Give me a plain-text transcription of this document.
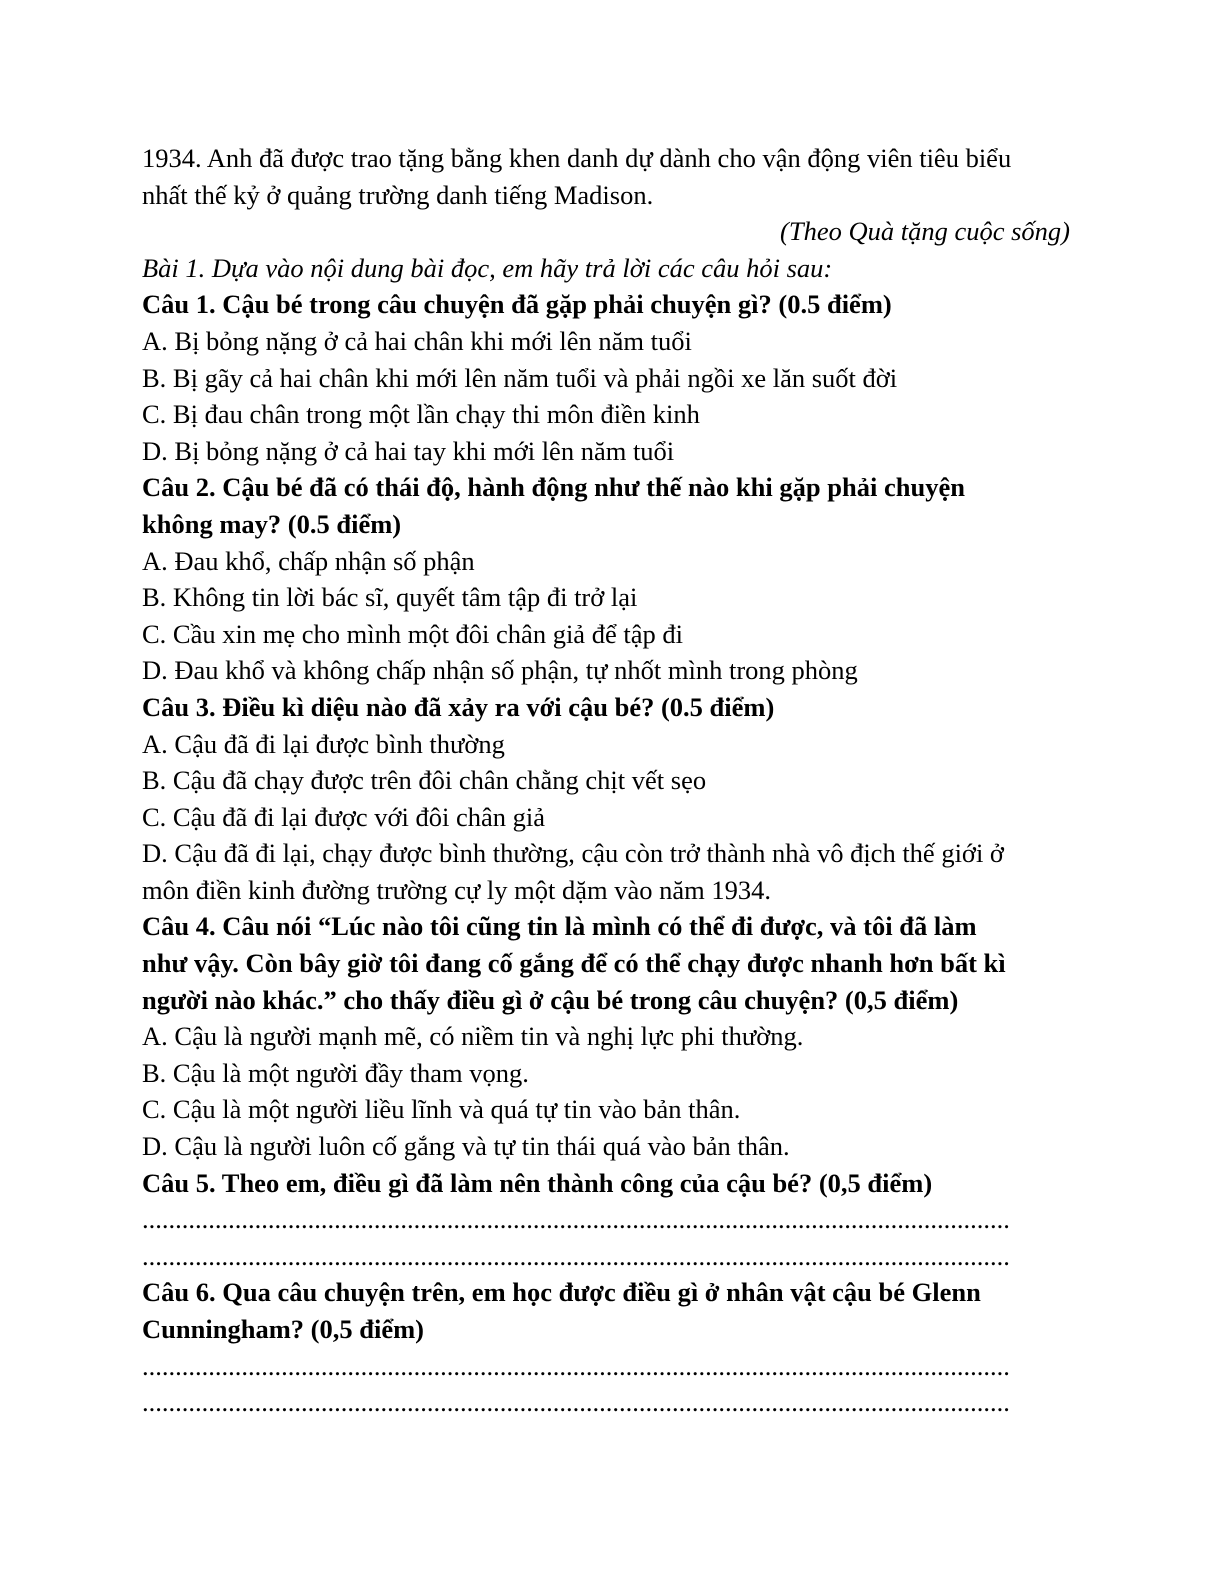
1934. Anh đã được trao tặng bằng khen danh dự dành cho vận động viên tiêu biểu
nhất thế kỷ ở quảng trường danh tiếng Madison.
(Theo Quà tặng cuộc sống)
Bài 1. Dựa vào nội dung bài đọc, em hãy trả lời các câu hỏi sau:
Câu 1. Cậu bé trong câu chuyện đã gặp phải chuyện gì? (0.5 điểm)
A. Bị bỏng nặng ở cả hai chân khi mới lên năm tuổi
B. Bị gãy cả hai chân khi mới lên năm tuổi và phải ngồi xe lăn suốt đời
C. Bị đau chân trong một lần chạy thi môn điền kinh
D. Bị bỏng nặng ở cả hai tay khi mới lên năm tuổi
Câu 2. Cậu bé đã có thái độ, hành động như thế nào khi gặp phải chuyện
không may? (0.5 điểm)
A. Đau khổ, chấp nhận số phận
B. Không tin lời bác sĩ, quyết tâm tập đi trở lại
C. Cầu xin mẹ cho mình một đôi chân giả để tập đi
D. Đau khổ và không chấp nhận số phận, tự nhốt mình trong phòng
Câu 3. Điều kì diệu nào đã xảy ra với cậu bé? (0.5 điểm)
A. Cậu đã đi lại được bình thường
B. Cậu đã chạy được trên đôi chân chằng chịt vết sẹo
C. Cậu đã đi lại được với đôi chân giả
D. Cậu đã đi lại, chạy được bình thường, cậu còn trở thành nhà vô địch thế giới ở
môn điền kinh đường trường cự ly một dặm vào năm 1934.
Câu 4. Câu nói “Lúc nào tôi cũng tin là mình có thể đi được, và tôi đã làm
như vậy. Còn bây giờ tôi đang cố gắng để có thể chạy được nhanh hơn bất kì
người nào khác.” cho thấy điều gì ở cậu bé trong câu chuyện? (0,5 điểm)
A. Cậu là người mạnh mẽ, có niềm tin và nghị lực phi thường.
B. Cậu là một người đầy tham vọng.
C. Cậu là một người liều lĩnh và quá tự tin vào bản thân.
D. Cậu là người luôn cố gắng và tự tin thái quá vào bản thân.
Câu 5. Theo em, điều gì đã làm nên thành công của cậu bé? (0,5 điểm)
...................................................................................................................................
...................................................................................................................................
Câu 6. Qua câu chuyện trên, em học được điều gì ở nhân vật cậu bé Glenn
Cunningham? (0,5 điểm)
...................................................................................................................................
...................................................................................................................................
